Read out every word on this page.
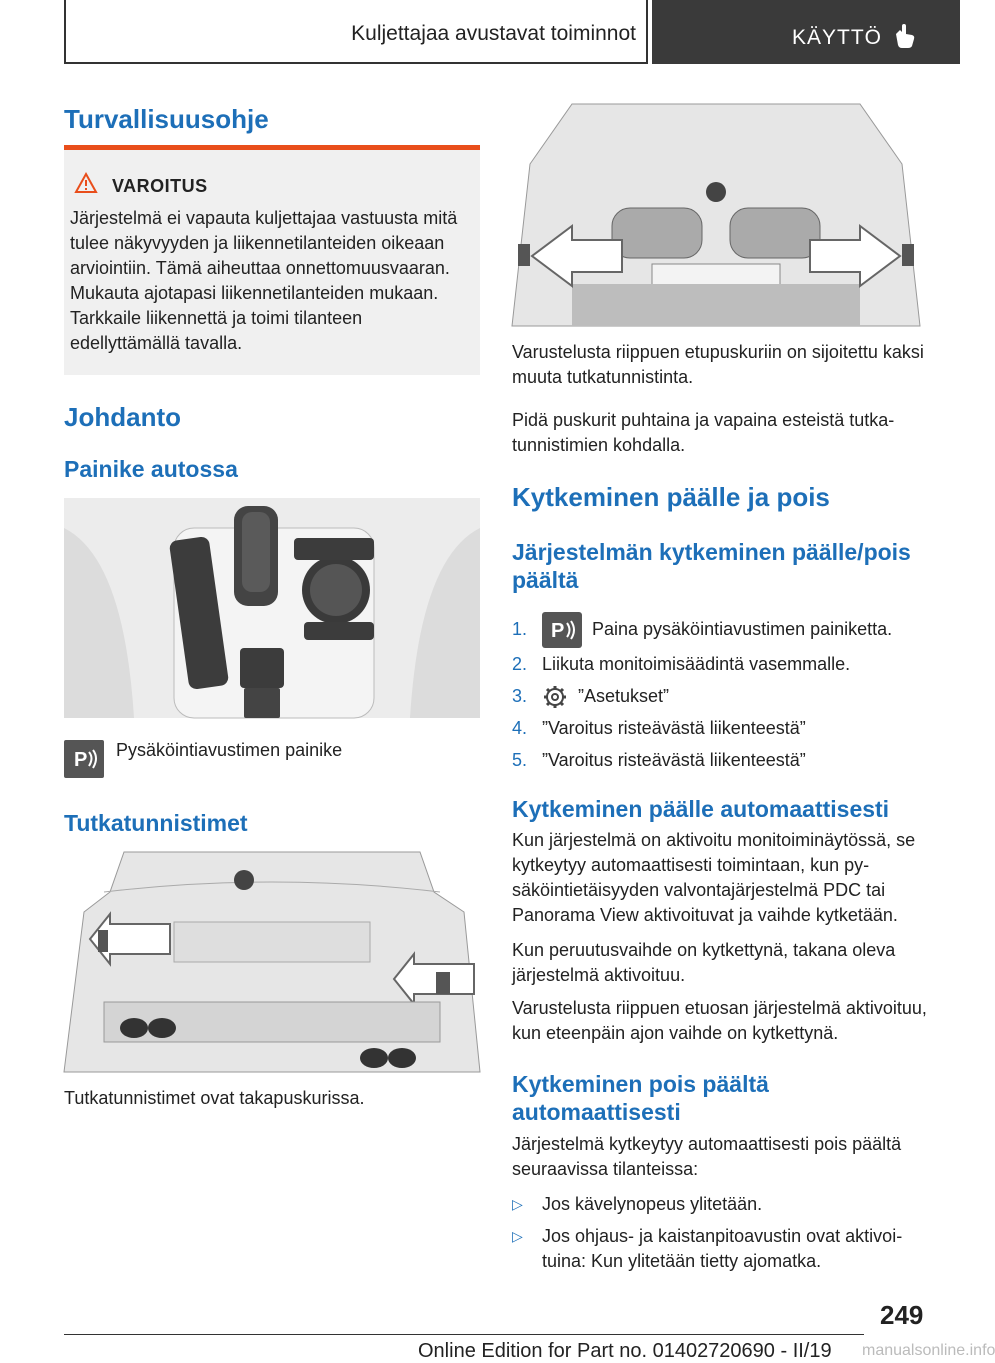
Kuljettajaa avustavat toiminnot	KÄYTTÖ
Turvallisuusohje
VAROITUS

Järjestelmä ei vapauta kuljettajaa vastuusta mitä tulee näkyvyyden ja liikennetilanteiden oikeaan arviointiin. Tämä aiheuttaa onnettomuusvaaran. Mukauta ajotapasi liikennetilanteiden mukaan. Tarkkaile liikennettä ja toimi tilanteen edellyttämällä tavalla.

Johdanto
Painike autossa
P Pysäköintiavustimen painike

Tutkatunnistimet

Tutkatunnistimet ovat takapuskurissa.

Varustelusta riippuen etupuskuriin on sijoitettu kaksi muuta tutkatunnistinta.

Pidä puskurit puhtaina ja vapaina esteistä tutkatunnistimien kohdalla.

Kytkeminen päälle ja pois
Järjestelmän kytkeminen päälle/pois päältä
1. P Paina pysäköintiavustimen painiketta.
2. Liikuta monitoimisäädintä vasemmalle.
3.	”Asetukset”
4. ”Varoitus risteävästä liikenteestä”
5. ”Varoitus risteävästä liikenteestä”
Kytkeminen päälle automaattisesti

Kun järjestelmä on aktivoitu monitoiminäytössä, se kytkeytyy automaattisesti toimintaan, kun pysäköintietäisyyden valvontajärjestelmä PDC tai Panorama View aktivoituvat ja vaihde kytketään.

Kun peruutusvaihde on kytkettynä, takana oleva järjestelmä aktivoituu.

Varustelusta riippuen etuosan järjestelmä aktivoituu, kun eteenpäin ajon vaihde on kytkettynä.

Kytkeminen pois päältä automaattisesti

Järjestelmä kytkeytyy automaattisesti pois päältä seuraavissa tilanteissa:

▷	Jos kävelynopeus ylitetään.
▷	Jos ohjaus- ja kaistanpitoavustin ovat aktivoituina: Kun ylitetään tietty ajomatka.
249
Online Edition for Part no. 01402720690 - II/19 manualsonline.info
